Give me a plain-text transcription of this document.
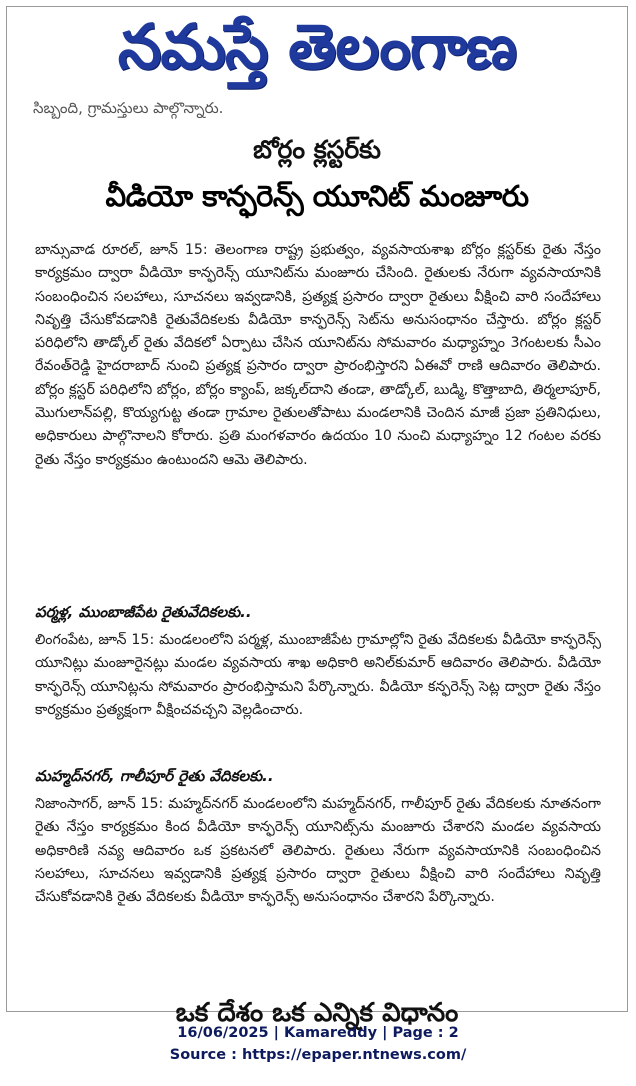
నమస్తే తెలంగాణ
సిబ్బంది, గ్రామస్తులు పాల్గొన్నారు.
బోర్లం క్లస్టర్‌కు
వీడియో కాన్ఫరెన్స్ యూనిట్ మంజూరు
బాన్సువాడ రూరల్, జూన్ 15: తెలంగాణ రాష్ట్ర ప్రభుత్వం, వ్యవసాయశాఖ బోర్లం క్లస్టర్‌కు రైతు నేస్తం కార్యక్రమం ద్వారా వీడియో కాన్ఫరెన్స్ యూనిట్‌ను మంజూరు చేసింది. రైతులకు నేరుగా వ్యవసాయానికి సంబంధించిన సలహాలు, సూచనలు ఇవ్వడానికి, ప్రత్యక్ష ప్రసారం ద్వారా రైతులు వీక్షించి వారి సందేహాలు నివృత్తి చేసుకోవడానికి రైతువేదికలకు వీడియో కాన్ఫరెన్స్ సెట్‌ను అనుసంధానం చేస్తారు. బోర్లం క్లస్టర్ పరిధిలోని తాడ్కోల్ రైతు వేదికలో ఏర్పాటు చేసిన యూనిట్‌ను సోమవారం మధ్యాహ్నం 3గంటలకు సీఎం రేవంత్‌రెడ్డి హైదరాబాద్ నుంచి ప్రత్యక్ష ప్రసారం ద్వారా ప్రారంభిస్తారని ఏఈవో రాణి ఆదివారం తెలిపారు. బోర్లం క్లస్టర్ పరిధిలోని బోర్లం, బోర్లం క్యాంప్, జక్కల్‌దాని తండా, తాడ్కోల్, బుడ్మి, కొత్తాబాది, తిర్మలాపూర్, మొగులాన్‌పల్లి, కొయ్యగుట్ట తండా గ్రామాల రైతులతోపాటు మండలానికి చెందిన మాజీ ప్రజా ప్రతినిధులు, అధికారులు పాల్గొనాలని కోరారు. ప్రతి మంగళవారం ఉదయం 10 నుంచి మధ్యాహ్నం 12 గంటల వరకు రైతు నేస్తం కార్యక్రమం ఉంటుందని ఆమె తెలిపారు.
పర్మళ్ల, ముంబాజీపేట రైతువేదికలకు..
లింగంపేట, జూన్ 15: మండలంలోని పర్మళ్ల, ముంబాజీపేట గ్రామాల్లోని రైతు వేదికలకు వీడియో కాన్ఫరెన్స్ యూనిట్లు మంజూరైనట్లు మండల వ్యవసాయ శాఖ అధికారి అనిల్‌కుమార్ ఆదివారం తెలిపారు. వీడియో కాన్ఫరెన్స్ యూనిట్లను సోమవారం ప్రారంభిస్తామని పేర్కొన్నారు. వీడియో కన్ఫరెన్స్ సెట్ల ద్వారా రైతు నేస్తం కార్యక్రమం ప్రత్యక్షంగా వీక్షించవచ్చని వెల్లడించారు.
మహ్మద్‌నగర్, గాలీపూర్ రైతు వేదికలకు..
నిజాంసాగర్, జూన్ 15: మహ్మద్‌నగర్ మండలంలోని మహ్మద్‌నగర్, గాలీపూర్ రైతు వేదికలకు నూతనంగా రైతు నేస్తం కార్యక్రమం కింద వీడియో కాన్ఫరెన్స్ యూనిట్స్‌ను మంజూరు చేశారని మండల వ్యవసాయ అధికారిణి నవ్య ఆదివారం ఒక ప్రకటనలో తెలిపారు. రైతులు నేరుగా వ్యవసాయానికి సంబంధించిన సలహాలు, సూచనలు ఇవ్వడానికి ప్రత్యక్ష ప్రసారం ద్వారా రైతులు వీక్షించి వారి సందేహాలు నివృత్తి చేసుకోవడానికి రైతు వేదికలకు వీడియో కాన్ఫరెన్స్ అనుసంధానం చేశారని పేర్కొన్నారు.
ఒక దేశం ఒక ఎన్నిక విధానం
16/06/2025 | Kamareddy | Page : 2
Source : https://epaper.ntnews.com/
